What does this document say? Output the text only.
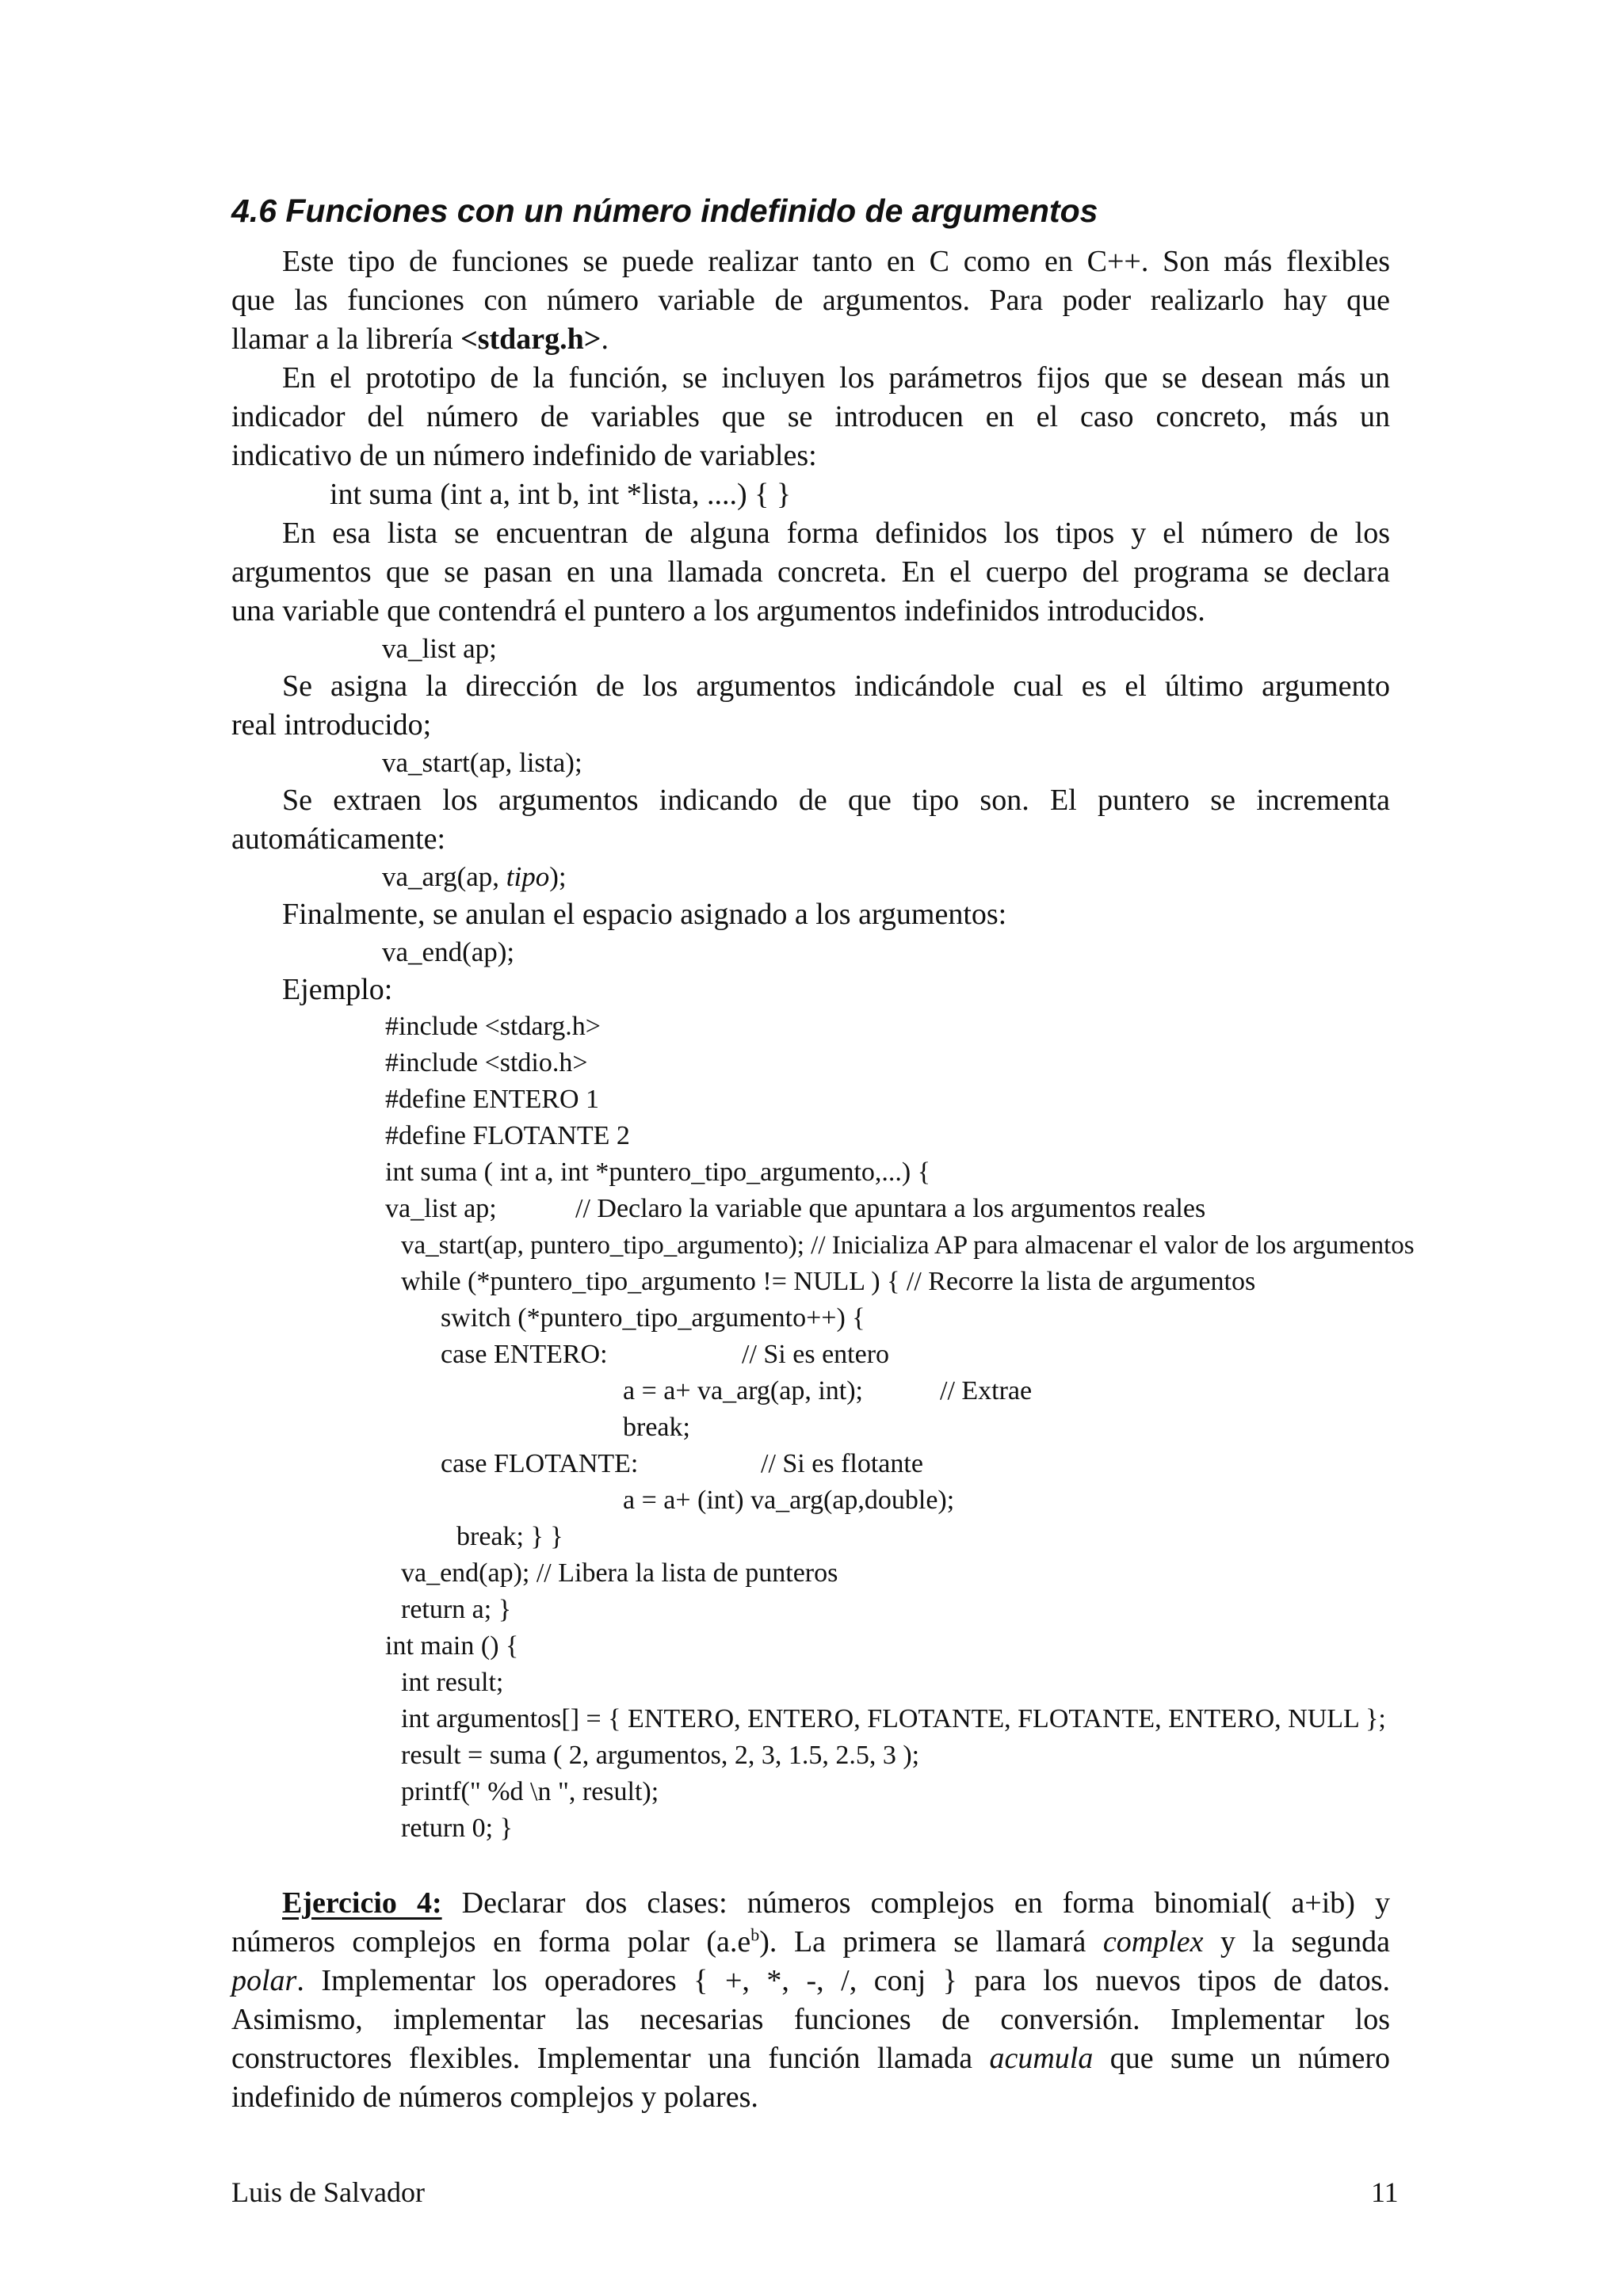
4.6 Funciones con un número indefinido de argumentos
Este tipo de funciones se puede realizar tanto en C como en C++. Son más flexibles
que las funciones con número variable de argumentos. Para poder realizarlo hay que
llamar a la librería <stdarg.h>.
En el prototipo de la función, se incluyen los parámetros fijos que se desean más un
indicador del número de variables que se introducen en el caso concreto, más un
indicativo de un número indefinido de variables:
int suma (int a, int b, int *lista, ....) { }
En esa lista se encuentran de alguna forma definidos los tipos y el número de los
argumentos que se pasan en una llamada concreta. En el cuerpo del programa se declara
una variable que contendrá el puntero a los argumentos indefinidos introducidos.
va_list ap;
Se asigna la dirección de los argumentos indicándole cual es el último argumento
real introducido;
va_start(ap, lista);
Se extraen los argumentos indicando de que tipo son. El puntero se incrementa
automáticamente:
va_arg(ap, tipo);
Finalmente, se anulan el espacio asignado a los argumentos:
va_end(ap);
Ejemplo:
#include <stdarg.h>
#include <stdio.h>
#define ENTERO 1
#define FLOTANTE 2
int suma ( int a, int *puntero_tipo_argumento,...) {
va_list ap;	// Declaro la variable que apuntara a los argumentos reales
va_start(ap, puntero_tipo_argumento); // Inicializa AP para almacenar el valor de los argumentos
while (*puntero_tipo_argumento != NULL ) { // Recorre la lista de argumentos
switch (*puntero_tipo_argumento++) {
case ENTERO:	// Si es entero
a = a+ va_arg(ap, int);	// Extrae
break;
case FLOTANTE:	// Si es flotante
a = a+ (int) va_arg(ap,double);
break; } }
va_end(ap); // Libera la lista de punteros
return a; }
int main () {
int result;
int argumentos[] = { ENTERO, ENTERO, FLOTANTE, FLOTANTE, ENTERO, NULL };
result = suma ( 2, argumentos, 2, 3, 1.5, 2.5, 3 );
printf(" %d \n ", result);
return 0; }
Ejercicio 4: Declarar dos clases: números complejos en forma binomial( a+ib) y
números complejos en forma polar $(a.e^b)$. La primera se llamará complex y la segunda
polar. Implementar los operadores { +, *, -, /, conj } para los nuevos tipos de datos.
Asimismo, implementar las necesarias funciones de conversión. Implementar los
constructores flexibles. Implementar una función llamada acumula que sume un número
indefinido de números complejos y polares.
Luis de Salvador	11
